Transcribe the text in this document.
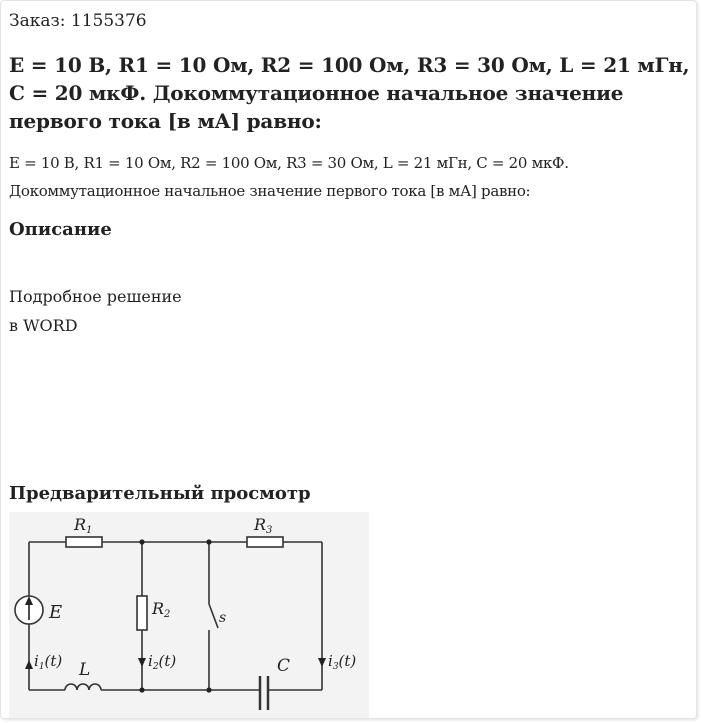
Заказ: 1155376
E = 10 В, R1 = 10 Ом, R2 = 100 Ом, R3 = 30 Ом, L = 21 мГн, C = 20 мкФ. Докоммутационное начальное значение первого тока [в мА] равно:
E = 10 В, R1 = 10 Ом, R2 = 100 Ом, R3 = 30 Ом, L = 21 мГн, C = 20 мкФ.
Докоммутационное начальное значение первого тока [в мА] равно:
Описание
Подробное решение
в WORD
Предварительный просмотр
R1	R3
R2
E	s
L	C
$i_1(t)$	$i_2(t)$	$i_3(t)$
